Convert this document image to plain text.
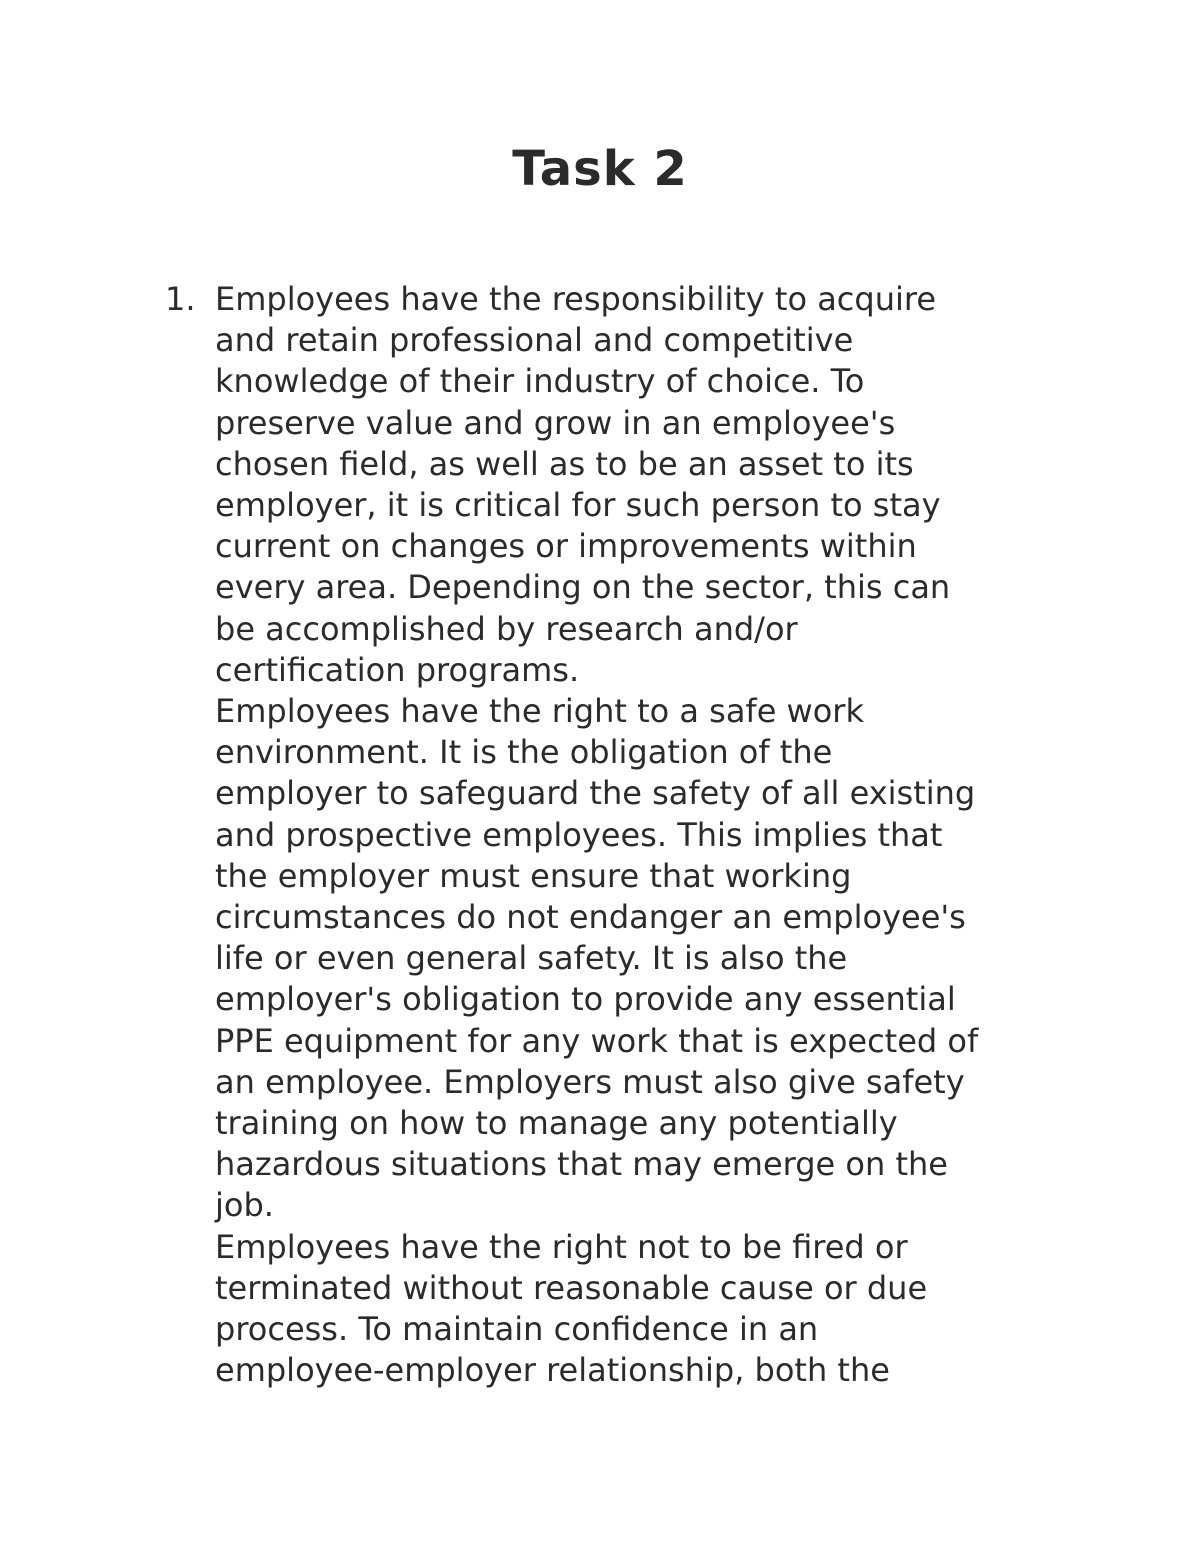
Task 2
1. Employees have the responsibility to acquire
and retain professional and competitive
knowledge of their industry of choice. To
preserve value and grow in an employee's
chosen field, as well as to be an asset to its
employer, it is critical for such person to stay
current on changes or improvements within
every area. Depending on the sector, this can
be accomplished by research and/or
certification programs.
Employees have the right to a safe work
environment. It is the obligation of the
employer to safeguard the safety of all existing
and prospective employees. This implies that
the employer must ensure that working
circumstances do not endanger an employee's
life or even general safety. It is also the
employer's obligation to provide any essential
PPE equipment for any work that is expected of
an employee. Employers must also give safety
training on how to manage any potentially
hazardous situations that may emerge on the
job.
Employees have the right not to be fired or
terminated without reasonable cause or due
process. To maintain confidence in an
employee-employer relationship, both the
